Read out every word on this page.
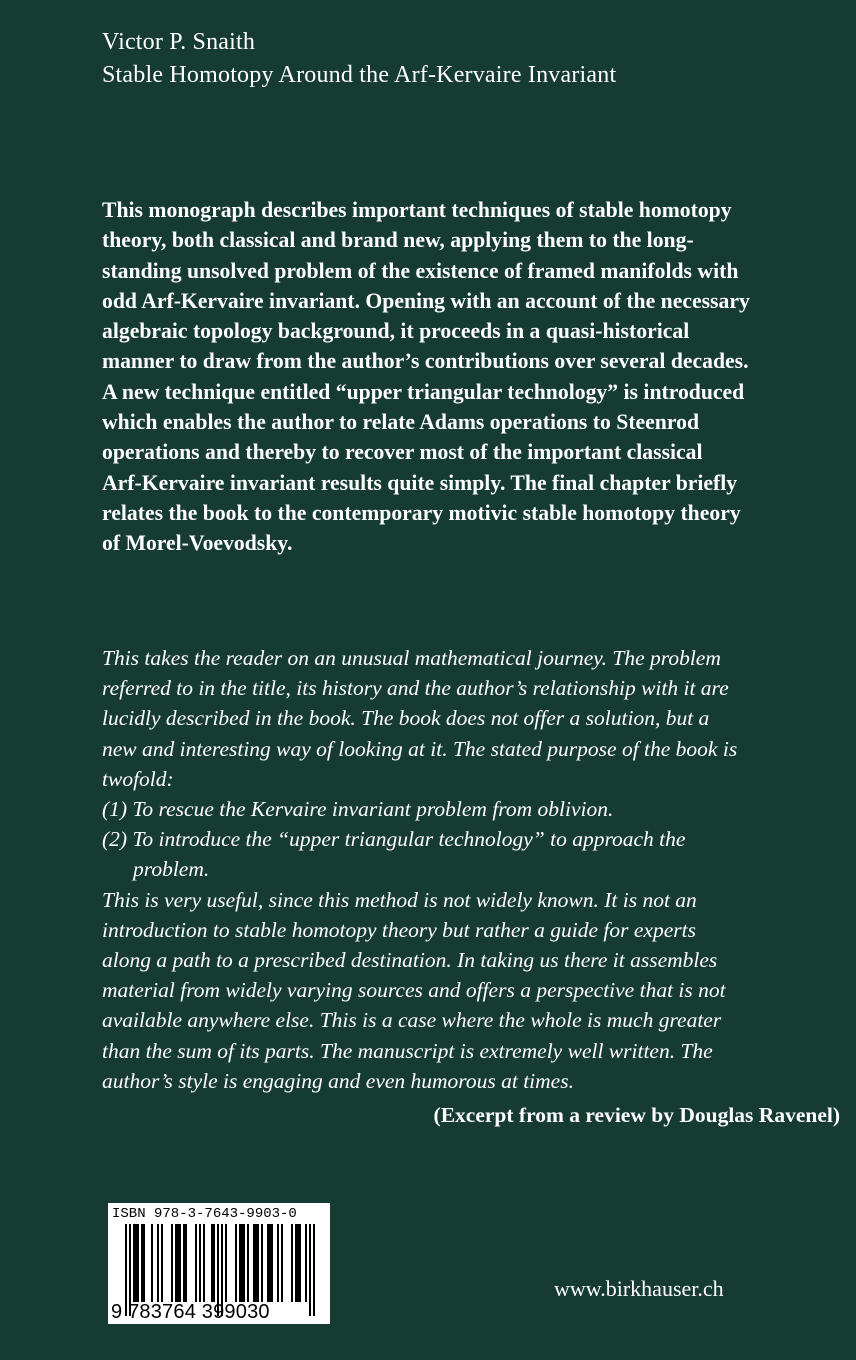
Victor P. Snaith
Stable Homotopy Around the Arf-Kervaire Invariant

This monograph describes important techniques of stable homotopy
theory, both classical and brand new, applying them to the long-
standing unsolved problem of the existence of framed manifolds with
odd Arf-Kervaire invariant. Opening with an account of the necessary
algebraic topology background, it proceeds in a quasi-historical
manner to draw from the author’s contributions over several decades.
A new technique entitled “upper triangular technology” is introduced
which enables the author to relate Adams operations to Steenrod
operations and thereby to recover most of the important classical
Arf-Kervaire invariant results quite simply. The final chapter briefly
relates the book to the contemporary motivic stable homotopy theory
of Morel-Voevodsky.

This takes the reader on an unusual mathematical journey. The problem
referred to in the title, its history and the author’s relationship with it are
lucidly described in the book. The book does not offer a solution, but a
new and interesting way of looking at it. The stated purpose of the book is
twofold:

(1) To rescue the Kervaire invariant problem from oblivion.

(2) To introduce the “upper triangular technology” to approach the
problem.

This is very useful, since this method is not widely known. It is not an
introduction to stable homotopy theory but rather a guide for experts
along a path to a prescribed destination. In taking us there it assembles
material from widely varying sources and offers a perspective that is not
available anywhere else. This is a case where the whole is much greater
than the sum of its parts. The manuscript is extremely well written. The
author’s style is engaging and even humorous at times.

(Excerpt from a review by Douglas Ravenel)
ISBN 978-3-7643-9903-0
9 783764 399030
www.birkhauser.ch
